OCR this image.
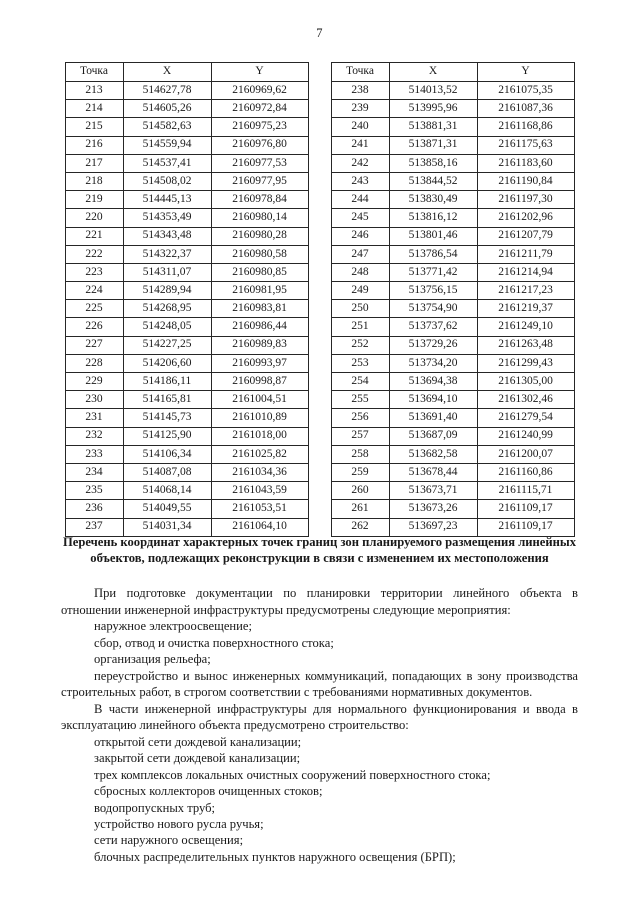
7
Точка	X	Y
213	514627,78	2160969,62
214	514605,26	2160972,84
215	514582,63	2160975,23
216	514559,94	2160976,80
217	514537,41	2160977,53
218	514508,02	2160977,95
219	514445,13	2160978,84
220	514353,49	2160980,14
221	514343,48	2160980,28
222	514322,37	2160980,58
223	514311,07	2160980,85
224	514289,94	2160981,95
225	514268,95	2160983,81
226	514248,05	2160986,44
227	514227,25	2160989,83
228	514206,60	2160993,97
229	514186,11	2160998,87
230	514165,81	2161004,51
231	514145,73	2161010,89
232	514125,90	2161018,00
233	514106,34	2161025,82
234	514087,08	2161034,36
235	514068,14	2161043,59
236	514049,55	2161053,51
237	514031,34	2161064,10
Точка	X	Y
238	514013,52	2161075,35
239	513995,96	2161087,36
240	513881,31	2161168,86
241	513871,31	2161175,63
242	513858,16	2161183,60
243	513844,52	2161190,84
244	513830,49	2161197,30
245	513816,12	2161202,96
246	513801,46	2161207,79
247	513786,54	2161211,79
248	513771,42	2161214,94
249	513756,15	2161217,23
250	513754,90	2161219,37
251	513737,62	2161249,10
252	513729,26	2161263,48
253	513734,20	2161299,43
254	513694,38	2161305,00
255	513694,10	2161302,46
256	513691,40	2161279,54
257	513687,09	2161240,99
258	513682,58	2161200,07
259	513678,44	2161160,86
260	513673,71	2161115,71
261	513673,26	2161109,17
262	513697,23	2161109,17
Перечень координат характерных точек границ зон планируемого размещения линейных объектов, подлежащих реконструкции в связи с изменением их местоположения

При подготовке документации по планировки территории линейного объекта в отношении инженерной инфраструктуры предусмотрены следующие мероприятия:

наружное электроосвещение;
сбор, отвод и очистка поверхностного стока;
организация рельефа;

переустройство и вынос инженерных коммуникаций, попадающих в зону производства строительных работ, в строгом соответствии с требованиями нормативных документов.

В части инженерной инфраструктуры для нормального функционирования и ввода в эксплуатацию линейного объекта предусмотрено строительство:

открытой сети дождевой канализации;
закрытой сети дождевой канализации;
трех комплексов локальных очистных сооружений поверхностного стока;
сбросных коллекторов очищенных стоков;
водопропускных труб;
устройство нового русла ручья;
сети наружного освещения;
блочных распределительных пунктов наружного освещения (БРП);
